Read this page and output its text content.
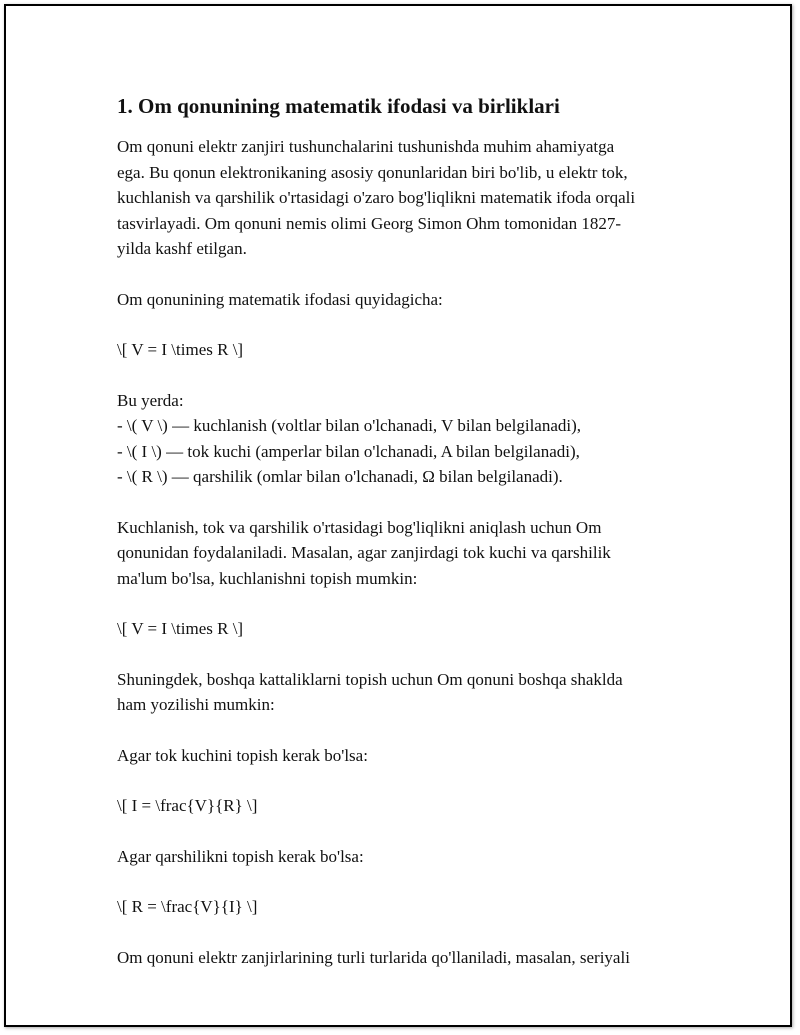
1. Om qonunining matematik ifodasi va birliklari

Om qonuni elektr zanjiri tushunchalarini tushunishda muhim ahamiyatga
ega. Bu qonun elektronikaning asosiy qonunlaridan biri bo'lib, u elektr tok,
kuchlanish va qarshilik o'rtasidagi o'zaro bog'liqlikni matematik ifoda orqali
tasvirlayadi. Om qonuni nemis olimi Georg Simon Ohm tomonidan 1827-
yilda kashf etilgan.

Om qonunining matematik ifodasi quyidagicha:

\[ V = I \times R \]

Bu yerda:
- \( V \) — kuchlanish (voltlar bilan o'lchanadi, V bilan belgilanadi),
- \( I \) — tok kuchi (amperlar bilan o'lchanadi, A bilan belgilanadi),
- \( R \) — qarshilik (omlar bilan o'lchanadi, Ω bilan belgilanadi).

Kuchlanish, tok va qarshilik o'rtasidagi bog'liqlikni aniqlash uchun Om
qonunidan foydalaniladi. Masalan, agar zanjirdagi tok kuchi va qarshilik
ma'lum bo'lsa, kuchlanishni topish mumkin:

\[ V = I \times R \]

Shuningdek, boshqa kattaliklarni topish uchun Om qonuni boshqa shaklda
ham yozilishi mumkin:

Agar tok kuchini topish kerak bo'lsa:

\[ I = \frac{V}{R} \]

Agar qarshilikni topish kerak bo'lsa:

\[ R = \frac{V}{I} \]

Om qonuni elektr zanjirlarining turli turlarida qo'llaniladi, masalan, seriyali
